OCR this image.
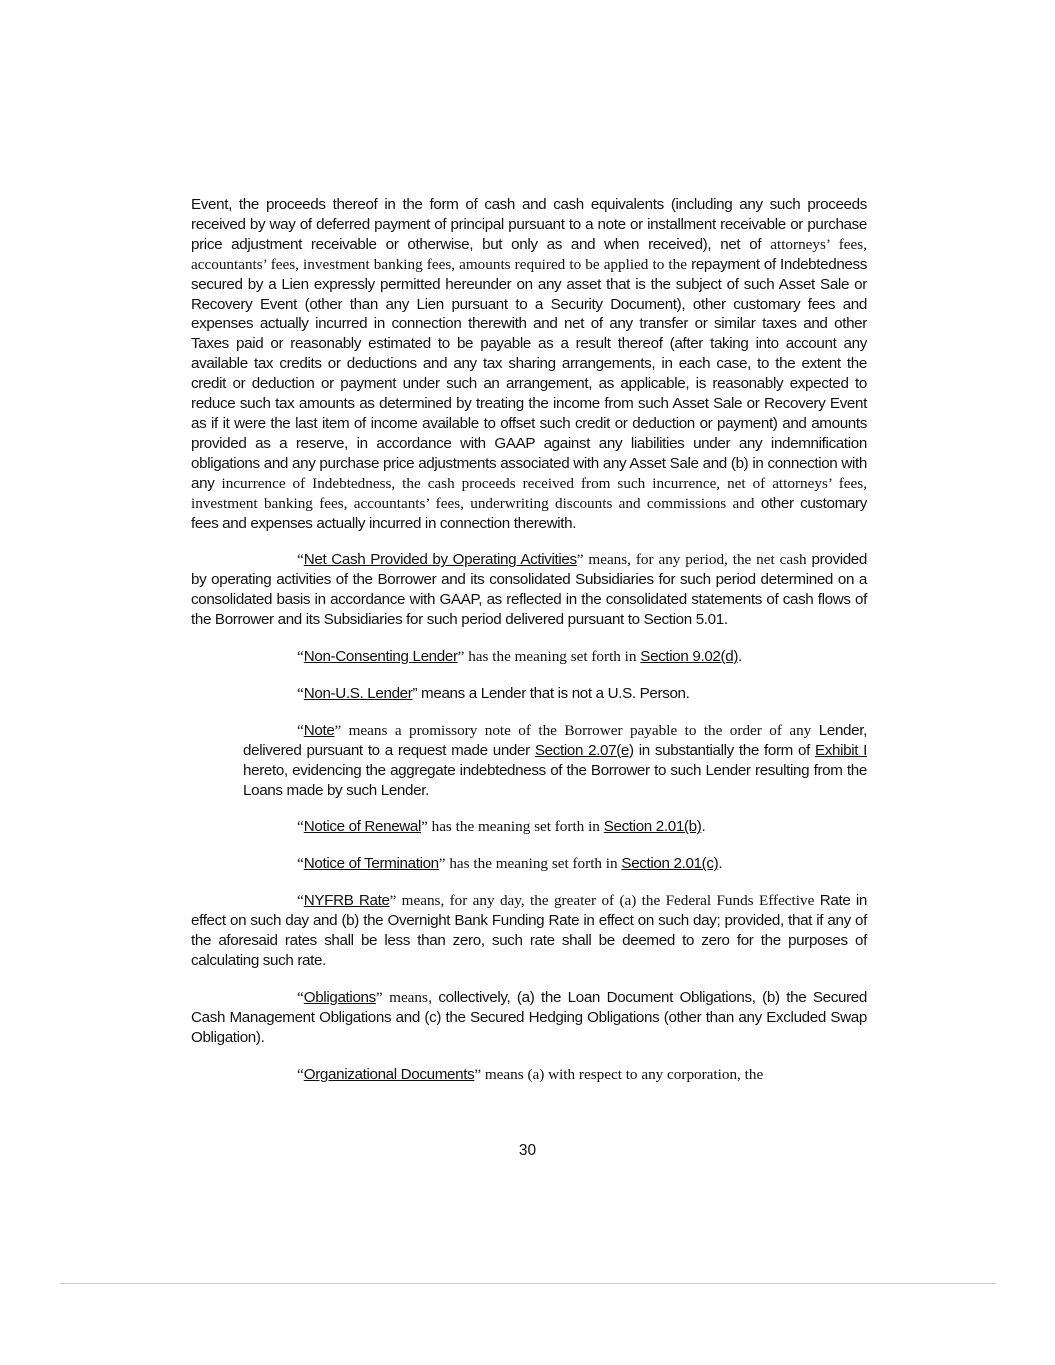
Event, the proceeds thereof in the form of cash and cash equivalents (including any such proceeds received by way of deferred payment of principal pursuant to a note or installment receivable or purchase price adjustment receivable or otherwise, but only as and when received), net of attorneys’ fees, accountants’ fees, investment banking fees, amounts required to be applied to the repayment of Indebtedness secured by a Lien expressly permitted hereunder on any asset that is the subject of such Asset Sale or Recovery Event (other than any Lien pursuant to a Security Document), other customary fees and expenses actually incurred in connection therewith and net of any transfer or similar taxes and other Taxes paid or reasonably estimated to be payable as a result thereof (after taking into account any available tax credits or deductions and any tax sharing arrangements, in each case, to the extent the credit or deduction or payment under such an arrangement, as applicable, is reasonably expected to reduce such tax amounts as determined by treating the income from such Asset Sale or Recovery Event as if it were the last item of income available to offset such credit or deduction or payment) and amounts provided as a reserve, in accordance with GAAP against any liabilities under any indemnification obligations and any purchase price adjustments associated with any Asset Sale and (b) in connection with any incurrence of Indebtedness, the cash proceeds received from such incurrence, net of attorneys’ fees, investment banking fees, accountants’ fees, underwriting discounts and commissions and other customary fees and expenses actually incurred in connection therewith.

“Net Cash Provided by Operating Activities” means, for any period, the net cash provided by operating activities of the Borrower and its consolidated Subsidiaries for such period determined on a consolidated basis in accordance with GAAP, as reflected in the consolidated statements of cash flows of the Borrower and its Subsidiaries for such period delivered pursuant to Section 5.01.

“Non-Consenting Lender” has the meaning set forth in Section 9.02(d).

“Non-U.S. Lender” means a Lender that is not a U.S. Person.

“Note” means a promissory note of the Borrower payable to the order of any Lender, delivered pursuant to a request made under Section 2.07(e) in substantially the form of Exhibit I hereto, evidencing the aggregate indebtedness of the Borrower to such Lender resulting from the Loans made by such Lender.

“Notice of Renewal” has the meaning set forth in Section 2.01(b).

“Notice of Termination” has the meaning set forth in Section 2.01(c).

“NYFRB Rate” means, for any day, the greater of (a) the Federal Funds Effective Rate in effect on such day and (b) the Overnight Bank Funding Rate in effect on such day; provided, that if any of the aforesaid rates shall be less than zero, such rate shall be deemed to zero for the purposes of calculating such rate.

“Obligations” means, collectively, (a) the Loan Document Obligations, (b) the Secured Cash Management Obligations and (c) the Secured Hedging Obligations (other than any Excluded Swap Obligation).

“Organizational Documents” means (a) with respect to any corporation, the

30
